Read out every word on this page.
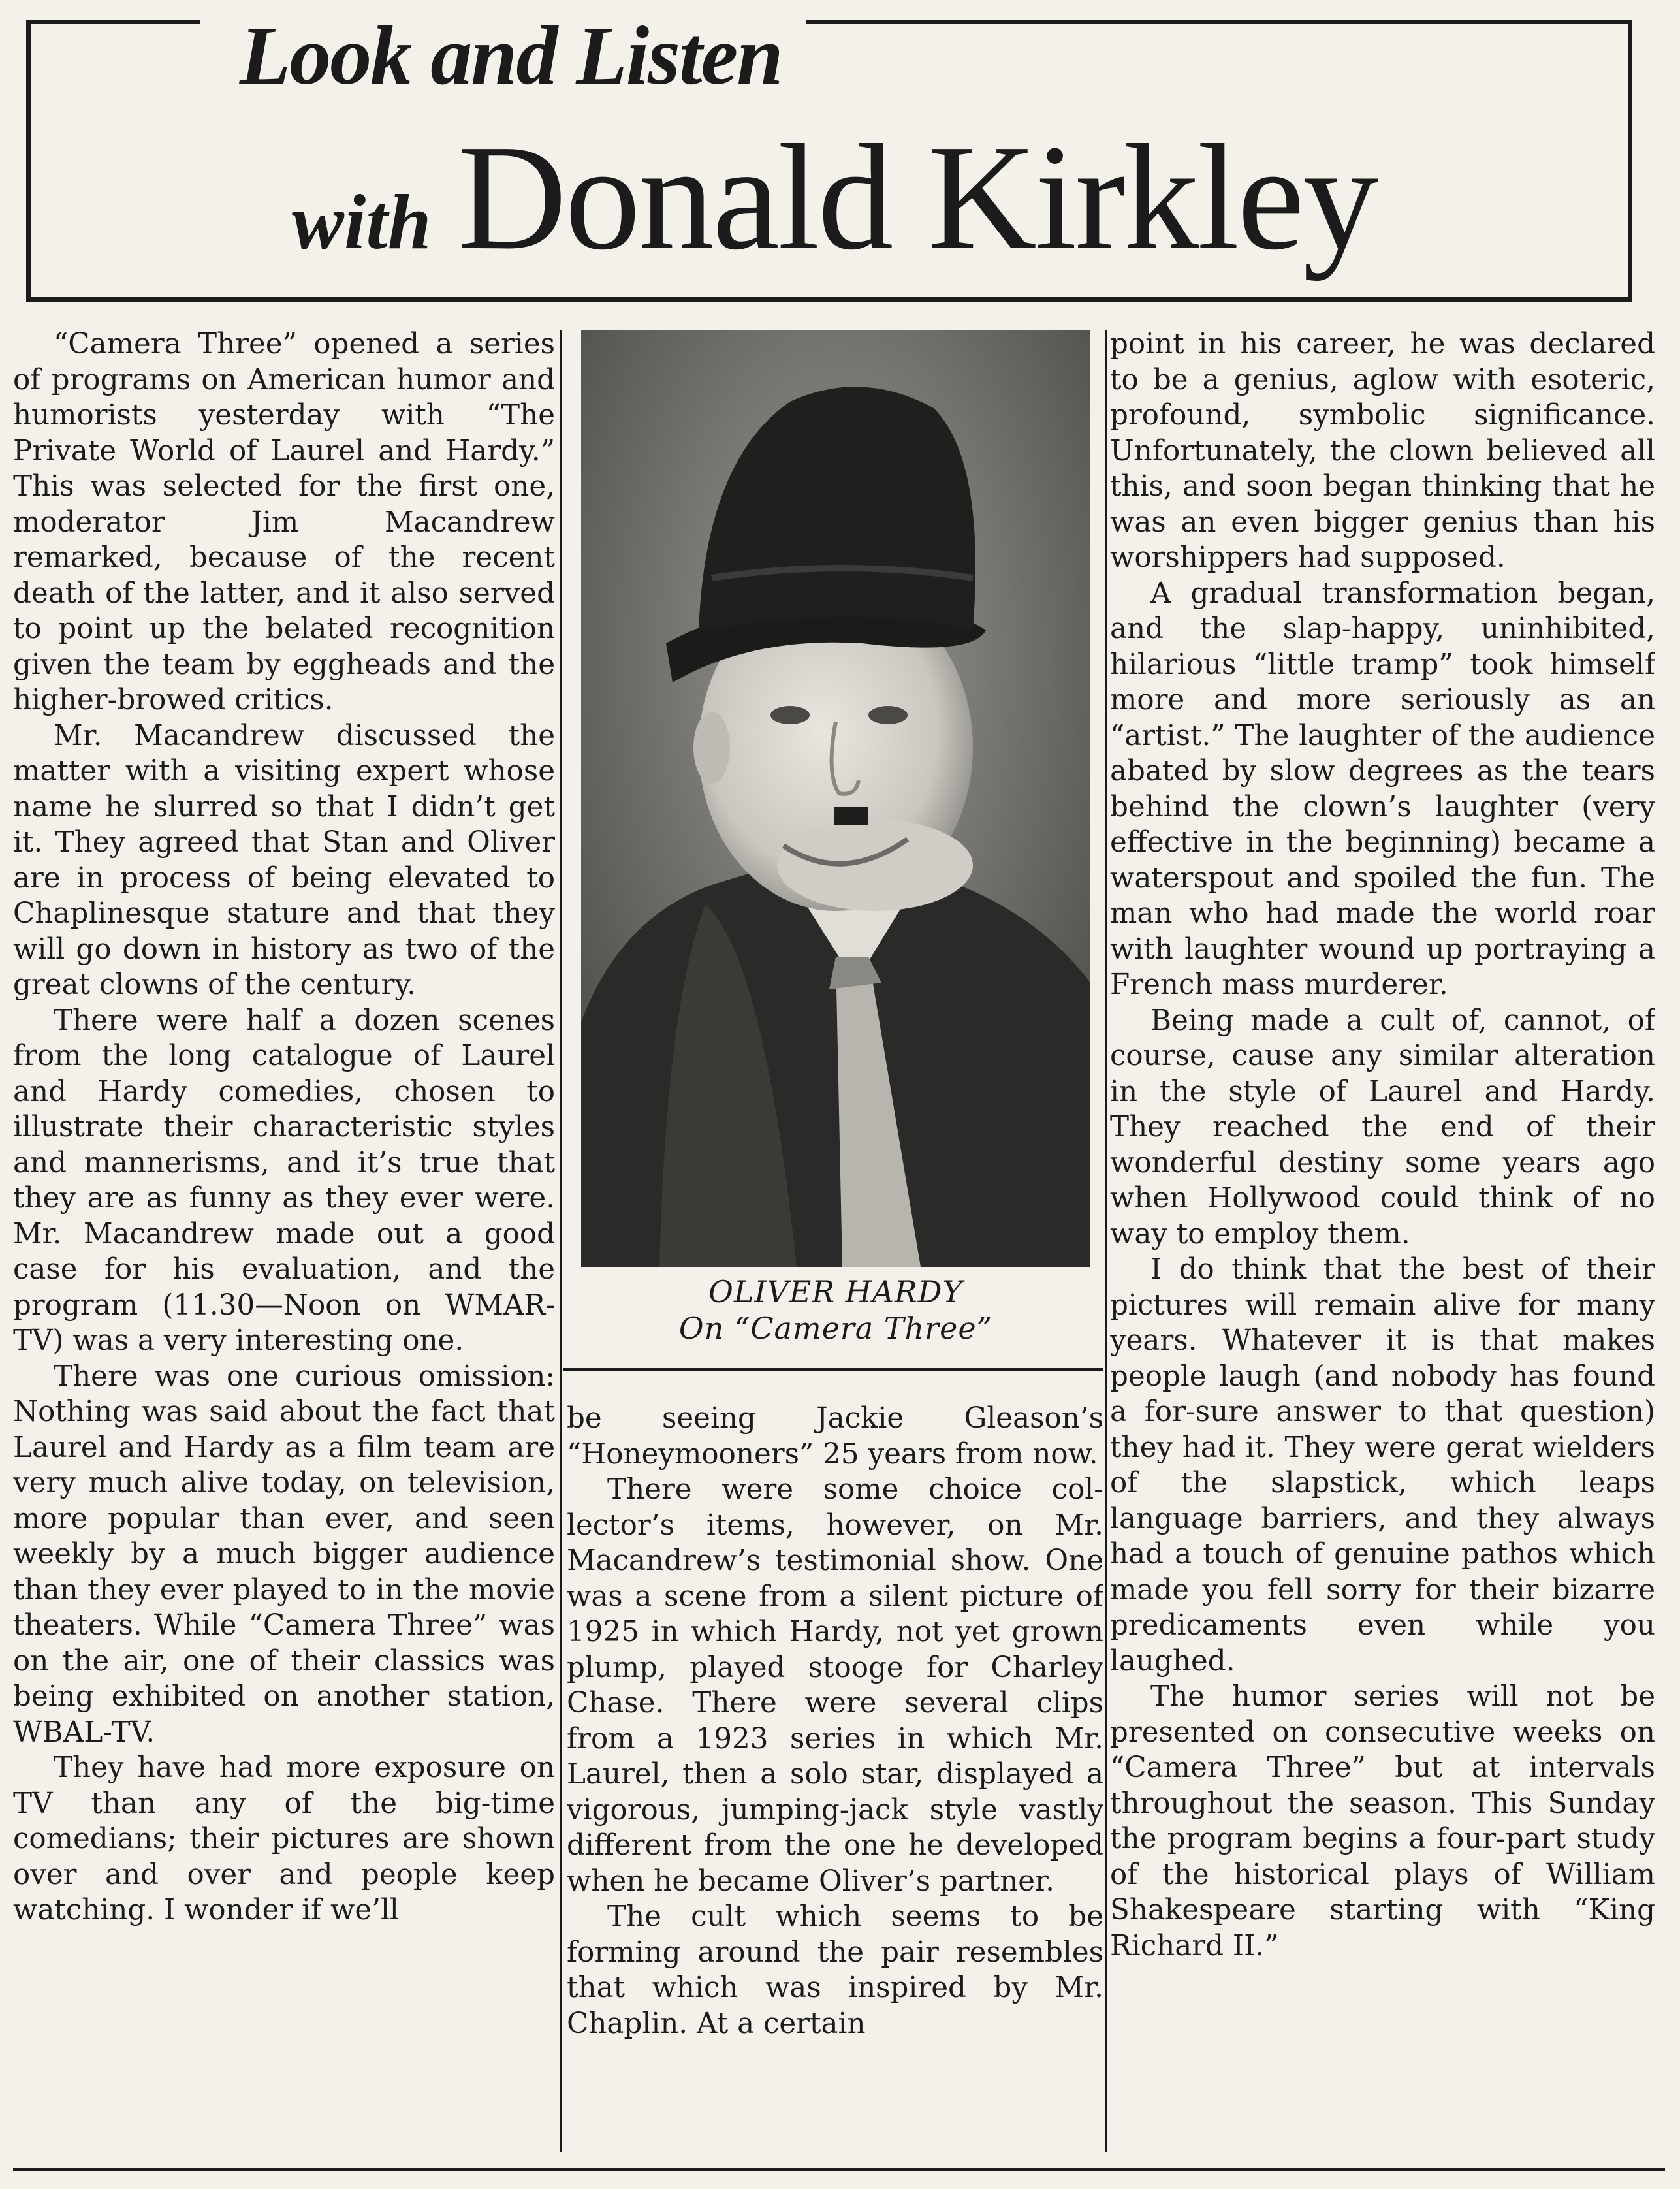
Look and Listen
with Donald Kirkley

“Camera Three” opened a series of programs on American humor and humorists yesterday with “The Private World of Laurel and Hardy.” This was selected for the first one, moderator Jim Macandrew remarked, because of the recent death of the latter, and it also served to point up the belated recognition given the team by eggheads and the higher-browed critics.

Mr. Macandrew discussed the matter with a visiting expert whose name he slurred so that I didn’t get it. They agreed that Stan and Oliver are in process of being elevated to Chaplinesque stature and that they will go down in history as two of the great clowns of the century.

There were half a dozen scenes from the long catalogue of Laurel and Hardy comedies, chosen to illustrate their characteristic styles and mannerisms, and it’s true that they are as funny as they ever were. Mr. Macandrew made out a good case for his evaluation, and the program (11.30—Noon on WMAR-TV) was a very interesting one.

There was one curious omission: Nothing was said about the fact that Laurel and Hardy as a film team are very much alive today, on television, more popular than ever, and seen weekly by a much bigger audience than they ever played to in the movie theaters. While “Camera Three” was on the air, one of their classics was being exhibited on another station, WBAL-TV.

They have had more exposure on TV than any of the big-time comedians; their pictures are shown over and over and people keep watching. I wonder if we’ll

OLIVER HARDY
On “Camera Three”

be seeing Jackie Gleason’s “Honeymooners” 25 years from now.

There were some choice collector’s items, however, on Mr. Macandrew’s testimonial show. One was a scene from a silent picture of 1925 in which Hardy, not yet grown plump, played stooge for Charley Chase. There were several clips from a 1923 series in which Mr. Laurel, then a solo star, displayed a vigorous, jumping-jack style vastly different from the one he developed when he became Oliver’s partner.

The cult which seems to be forming around the pair resembles that which was inspired by Mr. Chaplin. At a certain

point in his career, he was declared to be a genius, aglow with esoteric, profound, symbolic significance. Unfortunately, the clown believed all this, and soon began thinking that he was an even bigger genius than his worshippers had supposed.

A gradual transformation began, and the slap-happy, uninhibited, hilarious “little tramp” took himself more and more seriously as an “artist.” The laughter of the audience abated by slow degrees as the tears behind the clown’s laughter (very effective in the beginning) became a waterspout and spoiled the fun. The man who had made the world roar with laughter wound up portraying a French mass murderer.

Being made a cult of, cannot, of course, cause any similar alteration in the style of Laurel and Hardy. They reached the end of their wonderful destiny some years ago when Hollywood could think of no way to employ them.

I do think that the best of their pictures will remain alive for many years. Whatever it is that makes people laugh (and nobody has found a for-sure answer to that question) they had it. They were gerat wielders of the slapstick, which leaps language barriers, and they always had a touch of genuine pathos which made you fell sorry for their bizarre predicaments even while you laughed.

The humor series will not be presented on consecutive weeks on “Camera Three” but at intervals throughout the season. This Sunday the program begins a four-part study of the historical plays of William Shakespeare starting with “King Richard II.”
